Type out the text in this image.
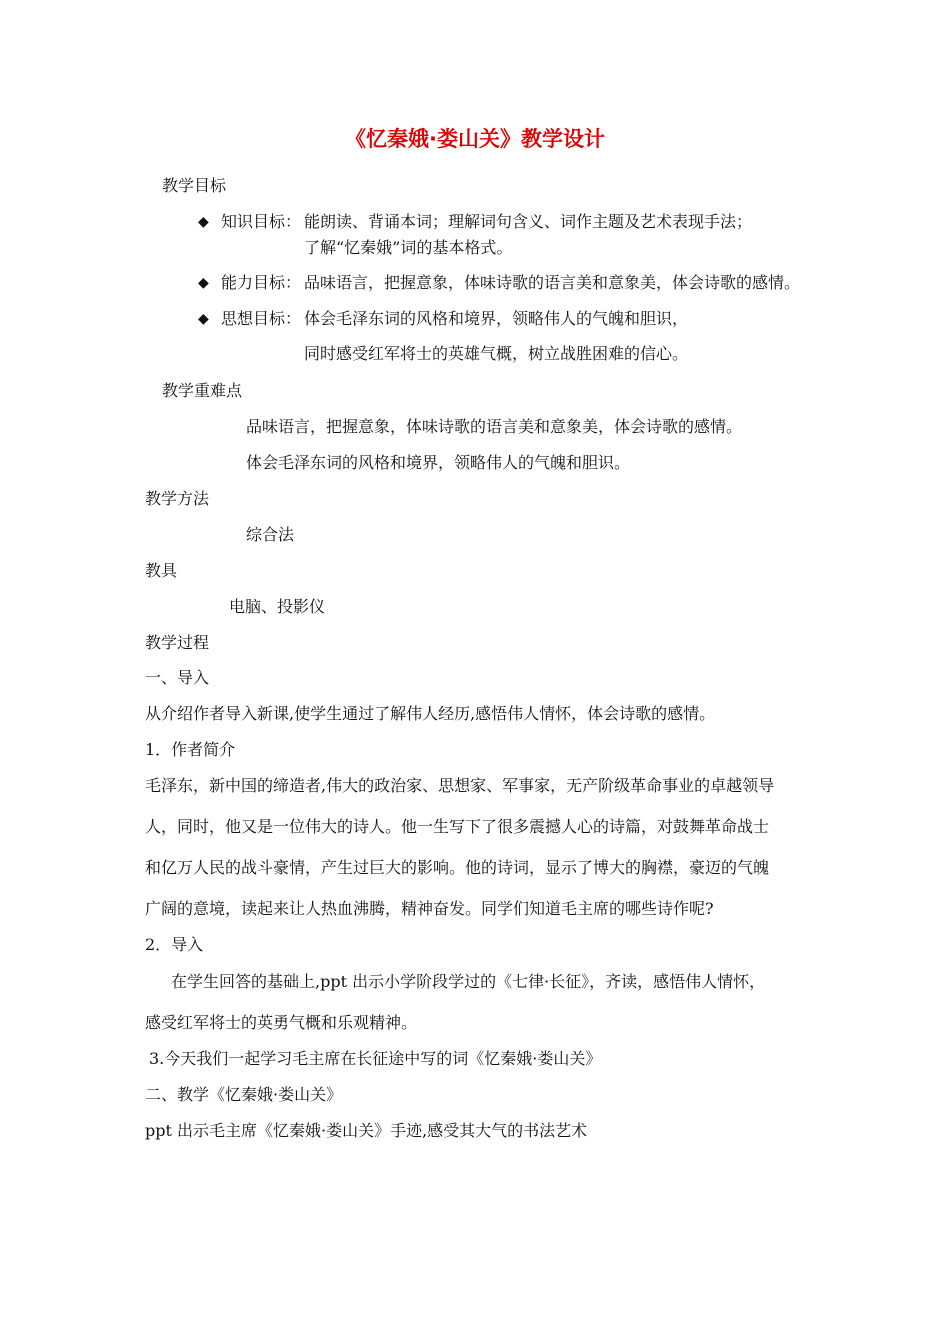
《忆秦娥·娄山关》教学设计
教学目标
◆ 知识目标： 能朗读、背诵本词；理解词句含义、词作主题及艺术表现手法；
了解“忆秦娥”词的基本格式。
◆ 能力目标： 品味语言，把握意象，体味诗歌的语言美和意象美，体会诗歌的感情。
◆ 思想目标： 体会毛泽东词的风格和境界，领略伟人的气魄和胆识，
同时感受红军将士的英雄气概，树立战胜困难的信心。
教学重难点
品味语言，把握意象，体味诗歌的语言美和意象美，体会诗歌的感情。
体会毛泽东词的风格和境界，领略伟人的气魄和胆识。
教学方法
综合法
教具
电脑、投影仪
教学过程
一、导入
从介绍作者导入新课,使学生通过了解伟人经历,感悟伟人情怀，体会诗歌的感情。
1．作者简介
毛泽东，新中国的缔造者,伟大的政治家、思想家、军事家，无产阶级革命事业的卓越领导
人，同时，他又是一位伟大的诗人。他一生写下了很多震撼人心的诗篇，对鼓舞革命战士
和亿万人民的战斗豪情，产生过巨大的影响。他的诗词，显示了博大的胸襟，豪迈的气魄
广阔的意境，读起来让人热血沸腾，精神奋发。同学们知道毛主席的哪些诗作呢?
2．导入
在学生回答的基础上,ppt 出示小学阶段学过的《七律·长征》，齐读，感悟伟人情怀，
感受红军将士的英勇气概和乐观精神。
3.今天我们一起学习毛主席在长征途中写的词《忆秦娥·娄山关》
二、教学《忆秦娥·娄山关》
ppt 出示毛主席《忆秦娥·娄山关》手迹,感受其大气的书法艺术
